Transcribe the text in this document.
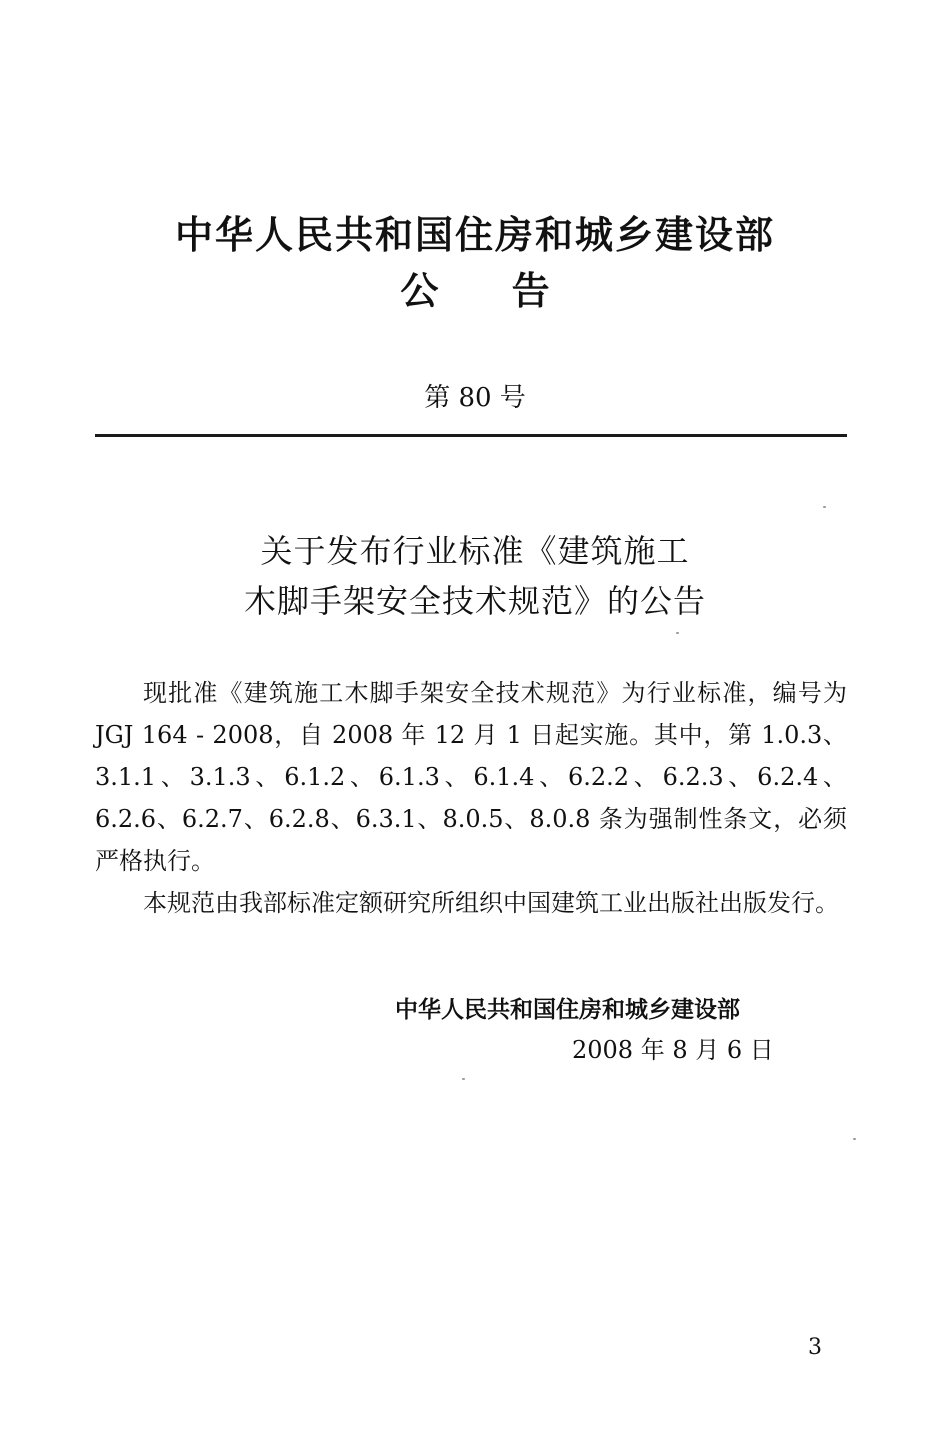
中华人民共和国住房和城乡建设部
公 告
第 80 号
关于发布行业标准《建筑施工
木脚手架安全技术规范》的公告

现批准《建筑施工木脚手架安全技术规范》为行业标准，编号为 JGJ 164 - 2008，自 2008 年 12 月 1 日起实施。其中，第 1.0.3、3.1.1、3.1.3、6.1.2、6.1.3、6.1.4、6.2.2、6.2.3、6.2.4、6.2.6、6.2.7、6.2.8、6.3.1、8.0.5、8.0.8 条为强制性条文，必须严格执行。

本规范由我部标准定额研究所组织中国建筑工业出版社出版发行。

中华人民共和国住房和城乡建设部
2008 年 8 月 6 日
3
